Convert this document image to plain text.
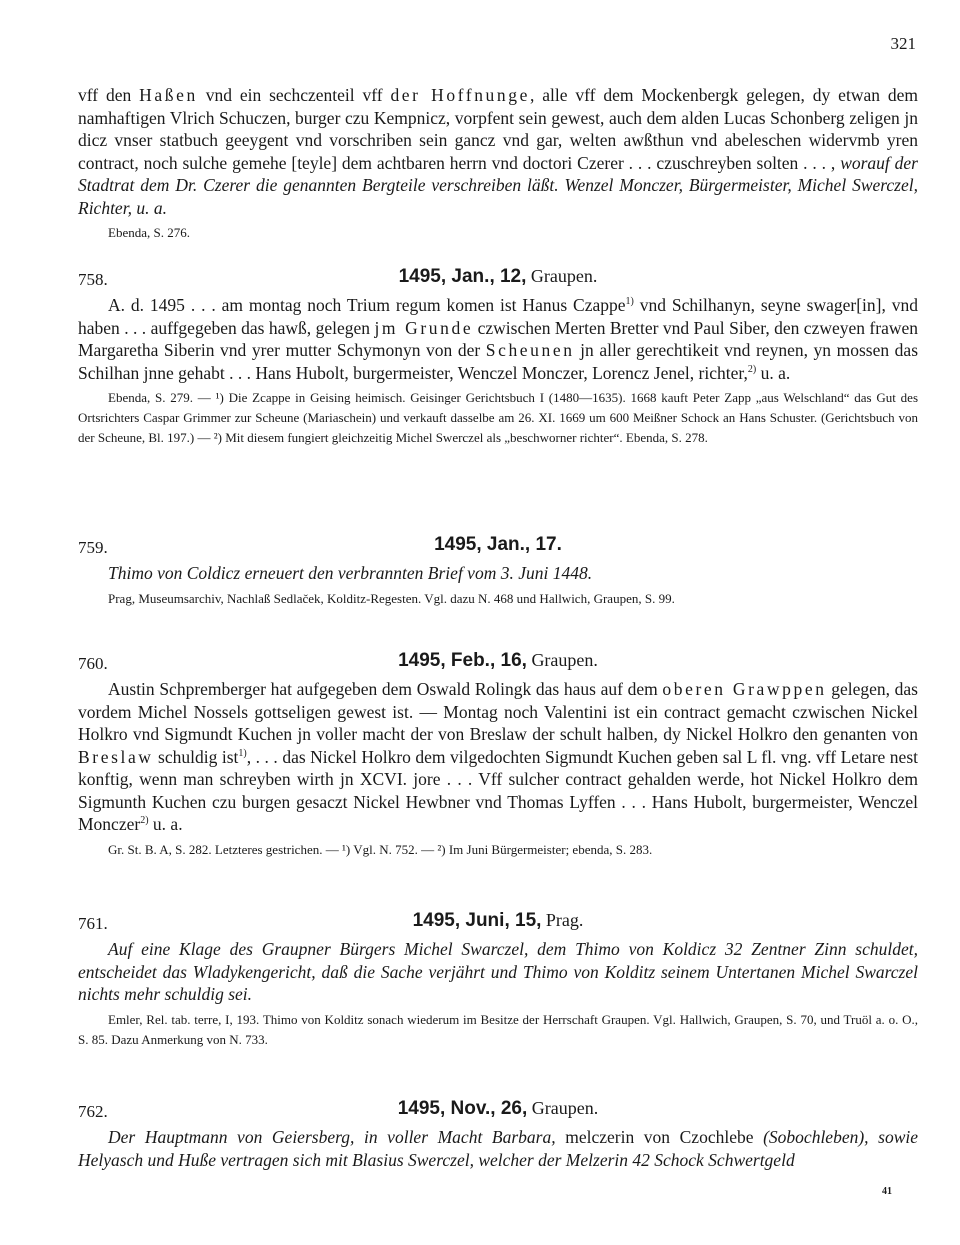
321

vff den Haßen vnd ein sechczenteil vff der Hoffnunge, alle vff dem Mockenbergk gelegen, dy etwan dem namhaftigen Vlrich Schuczen, burger czu Kempnicz, vorpfent sein gewest, auch dem alden Lucas Schonberg zeligen jn dicz vnser statbuch geeygent vnd vorschriben sein gancz vnd gar, welten awßthun vnd abeleschen widervmb yren contract, noch sulche gemehe [teyle] dem achtbaren herrn vnd doctori Czerer . . . czuschreyben solten . . . , worauf der Stadtrat dem Dr. Czerer die genannten Bergteile verschreiben läßt. Wenzel Monczer, Bürgermeister, Michel Swerczel, Richter, u. a.

Ebenda, S. 276.

758.	1495, Jan., 12, Graupen.

A. d. 1495 . . . am montag noch Trium regum komen ist Hanus Czappe$^{1)}$ vnd Schilhanyn, seyne swager[in], vnd haben . . . auffgegeben das hawß, gelegen jm Grunde czwischen Merten Bretter vnd Paul Siber, den czweyen frawen Margaretha Siberin vnd yrer mutter Schymonyn von der Scheunen jn aller gerechtikeit vnd reynen, yn mossen das Schilhan jnne gehabt . . . Hans Hubolt, burgermeister, Wenczel Monczer, Lorencz Jenel, richter,$^{2)}$ u. a.

Ebenda, S. 279. — ¹) Die Zcappe in Geising heimisch. Geisinger Gerichtsbuch I (1480—1635). 1668 kauft Peter Zapp „aus Welschland“ das Gut des Ortsrichters Caspar Grimmer zur Scheune (Mariaschein) und verkauft dasselbe am 26. XI. 1669 um 600 Meißner Schock an Hans Schuster. (Gerichtsbuch von der Scheune, Bl. 197.) — ²) Mit diesem fungiert gleichzeitig Michel Swerczel als „beschworner richter“. Ebenda, S. 278.

759.	1495, Jan., 17.

Thimo von Coldicz erneuert den verbrannten Brief vom 3. Juni 1448.

Prag, Museumsarchiv, Nachlaß Sedlaček, Kolditz-Regesten. Vgl. dazu N. 468 und Hallwich, Graupen, S. 99.

760.	1495, Feb., 16, Graupen.

Austin Schpremberger hat aufgegeben dem Oswald Rolingk das haus auf dem oberen Grawppen gelegen, das vordem Michel Nossels gottseligen gewest ist. — Montag noch Valentini ist ein contract gemacht czwischen Nickel Holkro vnd Sigmundt Kuchen jn voller macht der von Breslaw der schult halben, dy Nickel Holkro den genanten von Breslaw schuldig ist$^{1)}$, . . . das Nickel Holkro dem vilgedochten Sigmundt Kuchen geben sal L fl. vng. vff Letare nest konftig, wenn man schreyben wirth jn XCVI. jore . . . Vff sulcher contract gehalden werde, hot Nickel Holkro dem Sigmunth Kuchen czu burgen gesaczt Nickel Hewbner vnd Thomas Lyffen . . . Hans Hubolt, burgermeister, Wenczel Monczer$^{2)}$ u. a.

Gr. St. B. A, S. 282. Letzteres gestrichen. — ¹) Vgl. N. 752. — ²) Im Juni Bürgermeister; ebenda, S. 283.

761.	1495, Juni, 15, Prag.

Auf eine Klage des Graupner Bürgers Michel Swarczel, dem Thimo von Koldicz 32 Zentner Zinn schuldet, entscheidet das Wladykengericht, daß die Sache verjährt und Thimo von Kolditz seinem Untertanen Michel Swarczel nichts mehr schuldig sei.

Emler, Rel. tab. terre, I, 193. Thimo von Kolditz sonach wiederum im Besitze der Herrschaft Graupen. Vgl. Hallwich, Graupen, S. 70, und Truöl a. o. O., S. 85. Dazu Anmerkung von N. 733.

762.	1495, Nov., 26, Graupen.

Der Hauptmann von Geiersberg, in voller Macht Barbara, melczerin von Czochlebe (Sobochleben), sowie Helyasch und Huße vertragen sich mit Blasius Swerczel, welcher der Melzerin 42 Schock Schwertgeld

41
